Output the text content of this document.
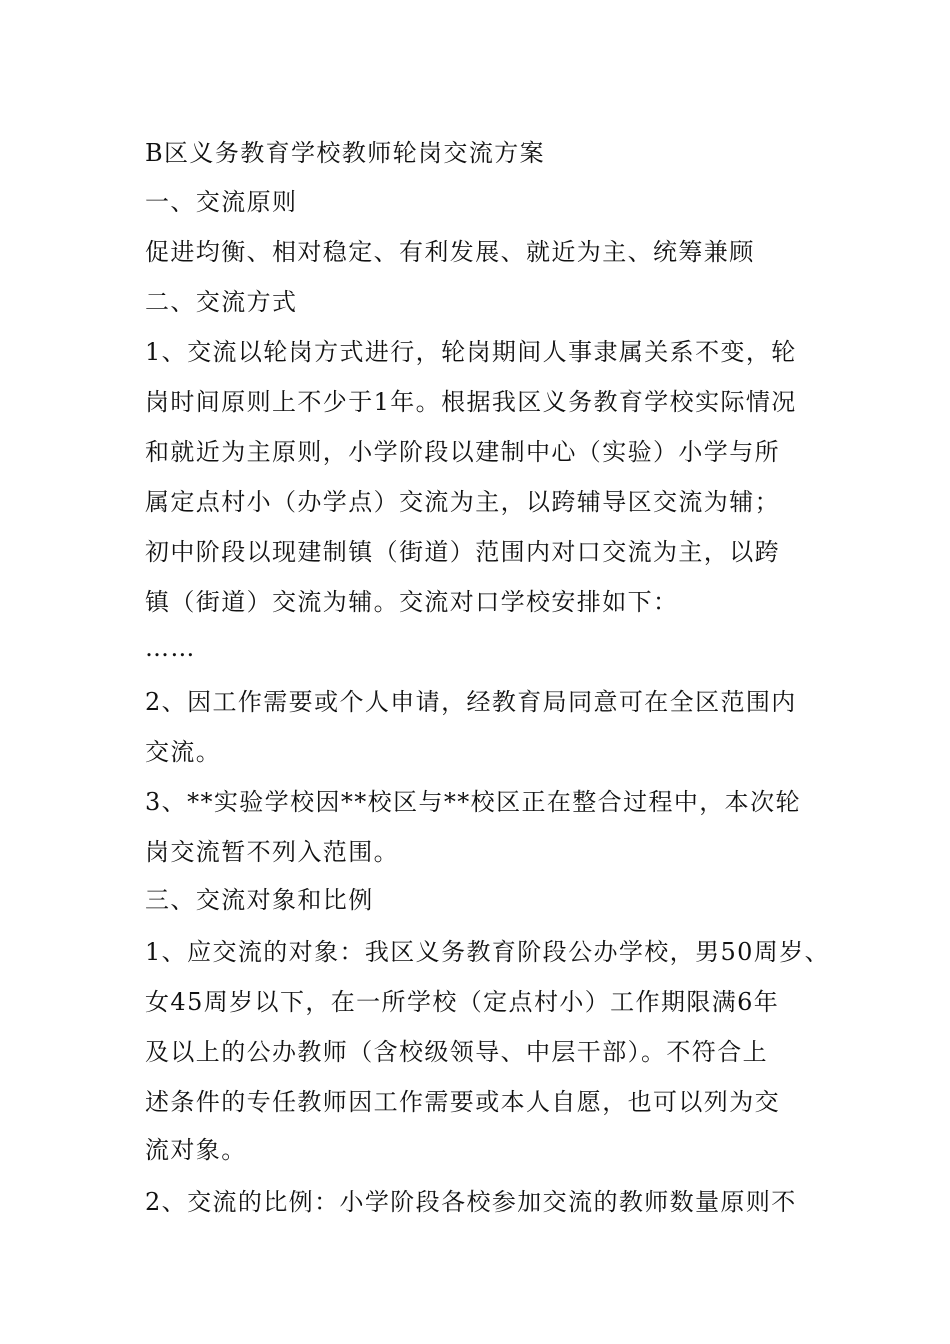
B区义务教育学校教师轮岗交流方案

一、交流原则

促进均衡、相对稳定、有利发展、就近为主、统筹兼顾

二、交流方式

1、交流以轮岗方式进行，轮岗期间人事隶属关系不变，轮

岗时间原则上不少于1年。根据我区义务教育学校实际情况

和就近为主原则，小学阶段以建制中心（实验）小学与所

属定点村小（办学点）交流为主，以跨辅导区交流为辅；

初中阶段以现建制镇（街道）范围内对口交流为主，以跨

镇（街道）交流为辅。交流对口学校安排如下：

……

2、因工作需要或个人申请，经教育局同意可在全区范围内

交流。

3、**实验学校因**校区与**校区正在整合过程中，本次轮

岗交流暂不列入范围。

三、交流对象和比例

1、应交流的对象：我区义务教育阶段公办学校，男50周岁、

女45周岁以下，在一所学校（定点村小）工作期限满6年

及以上的公办教师（含校级领导、中层干部）。不符合上

述条件的专任教师因工作需要或本人自愿，也可以列为交

流对象。

2、交流的比例：小学阶段各校参加交流的教师数量原则不
